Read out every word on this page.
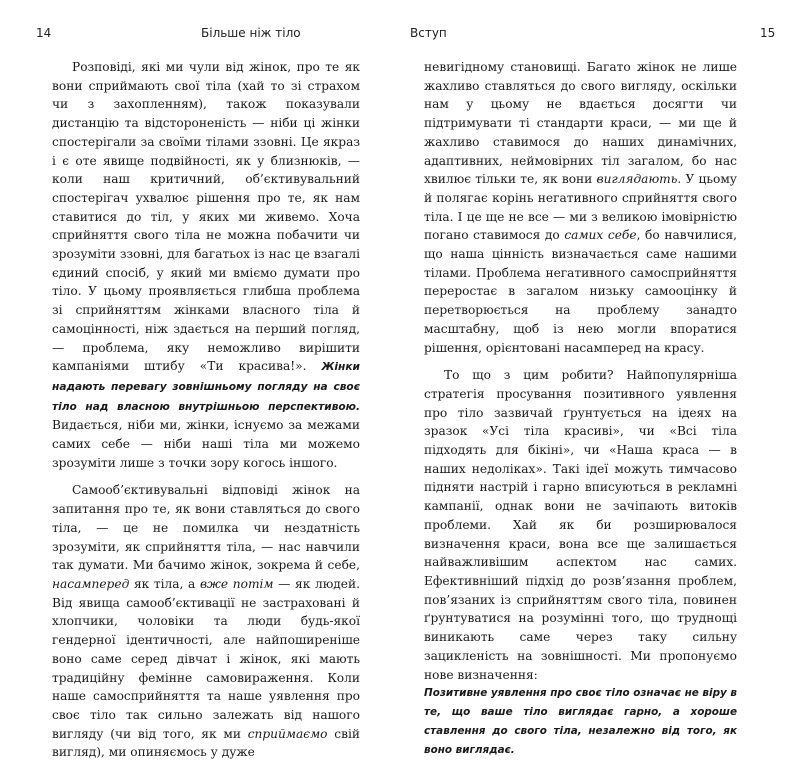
14	Більше ніж тіло

Розповіді, які ми чули від жінок, про те як вони сприймають свої тіла (хай то зі страхом чи з захопленням), також показували дистанцію та відстороненість — ніби ці жінки спостерігали за своїми тілами ззовні. Це якраз і є оте явище подвійності, як у близнюків, — коли наш критичний, об’єктивувальний спостерігач ухвалює рішення про те, як нам ставитися до тіл, у яких ми живемо. Хоча сприйняття свого тіла не можна побачити чи зрозуміти ззовні, для багатьох із нас це взагалі єдиний спосіб, у який ми вміємо думати про тіло. У цьому проявляється глибша проблема зі сприйняттям жінками власного тіла й самоцінності, ніж здається на перший погляд, — проблема, яку неможливо вирішити кампаніями штибу «Ти красива!». Жінки надають перевагу зовнішньому погляду на своє тіло над власною внутрішньою перспективою. Видається, ніби ми, жінки, існуємо за межами самих себе — ніби наші тіла ми можемо зрозуміти лише з точки зору когось іншого.

Самооб’єктивувальні відповіді жінок на запитання про те, як вони ставляться до свого тіла, — це не помилка чи нездатність зрозуміти, як сприйняття тіла, — нас навчили так думати. Ми бачимо жінок, зокрема й себе, насамперед як тіла, а вже потім — як людей. Від явища самооб’єктивації не застраховані й хлопчики, чоловіки та люди будь-якої гендерної ідентичності, але найпоширеніше воно саме серед дівчат і жінок, які мають традиційну фемінне самовираження. Коли наше самосприйняття та наше уявлення про своє тіло так сильно залежать від нашого вигляду (чи від того, як ми сприймаємо свій вигляд), ми опиняємось у дуже

Вступ	15

невигідному становищі. Багато жінок не лише жахливо ставляться до свого вигляду, оскільки нам у цьому не вдається досягти чи підтримувати ті стандарти краси, — ми ще й жахливо ставимося до наших динамічних, адаптивних, неймовірних тіл загалом, бо нас хвилює тільки те, як вони виглядають. У цьому й полягає корінь негативного сприйняття свого тіла. І це ще не все — ми з великою імовірністю погано ставимося до самих себе, бо навчилися, що наша цінність визначається саме нашими тілами. Проблема негативного самосприйняття переростає в загалом низьку самооцінку й перетворюється на проблему занадто масштабну, щоб із нею могли впоратися рішення, орієнтовані насамперед на красу.

То що з цим робити? Найпопулярніша стратегія просування позитивного уявлення про тіло зазвичай ґрунтується на ідеях на зразок «Усі тіла красиві», чи «Всі тіла підходять для бікіні», чи «Наша краса — в наших недоліках». Такі ідеї можуть тимчасово підняти настрій і гарно вписуються в рекламні кампанії, однак вони не зачіпають витоків проблеми. Хай як би розширювалося визначення краси, вона все ще залишається найважливішим аспектом нас самих. Ефективніший підхід до розв’язання проблем, пов’язаних із сприйняттям свого тіла, повинен ґрунтуватися на розумінні того, що труднощі виникають саме через таку сильну зацикленість на зовнішності. Ми пропонуємо нове визначення:

Позитивне уявлення про своє тіло означає не віру в те, що ваше тіло виглядає гарно, а хороше ставлення до свого тіла, незалежно від того, як воно виглядає.
